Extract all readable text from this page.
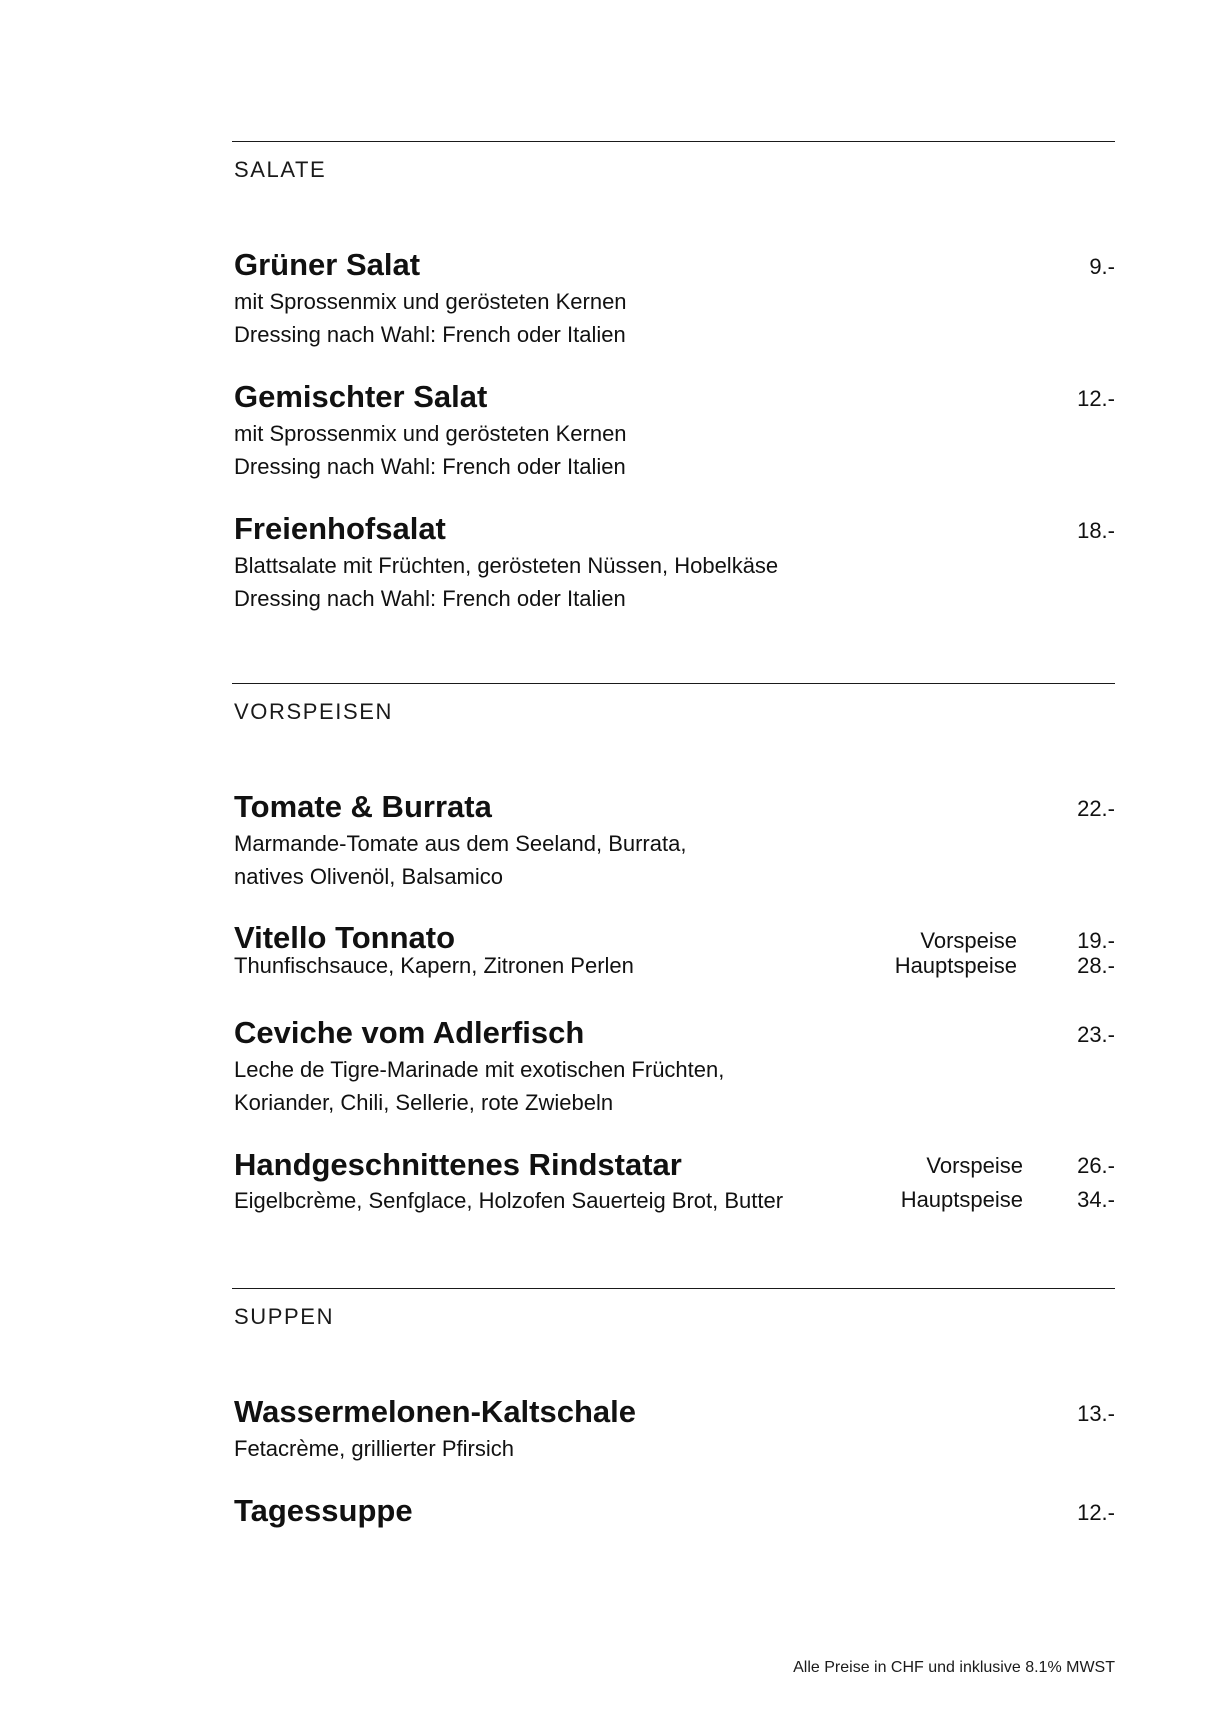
SALATE
Grüner Salat	9.-
mit Sprossenmix und gerösteten Kernen
Dressing nach Wahl: French oder Italien
Gemischter Salat	12.-
mit Sprossenmix und gerösteten Kernen
Dressing nach Wahl: French oder Italien
Freienhofsalat	18.-
Blattsalate mit Früchten, gerösteten Nüssen, Hobelkäse
Dressing nach Wahl: French oder Italien
VORSPEISEN
Tomate & Burrata	22.-
Marmande-Tomate aus dem Seeland, Burrata,
natives Olivenöl, Balsamico
Vitello Tonnato	Vorspeise	19.-
Hauptspeise	28.-
Thunfischsauce, Kapern, Zitronen Perlen
Ceviche vom Adlerfisch	23.-
Leche de Tigre-Marinade mit exotischen Früchten,
Koriander, Chili, Sellerie, rote Zwiebeln
Handgeschnittenes Rindstatar	Vorspeise 26.-
Hauptspeise 34.-
Eigelbcrème, Senfglace, Holzofen Sauerteig Brot, Butter
SUPPEN
Wassermelonen-Kaltschale	13.-
Fetacrème, grillierter Pfirsich
Tagessuppe	12.-
Alle Preise in CHF und inklusive 8.1% MWST
